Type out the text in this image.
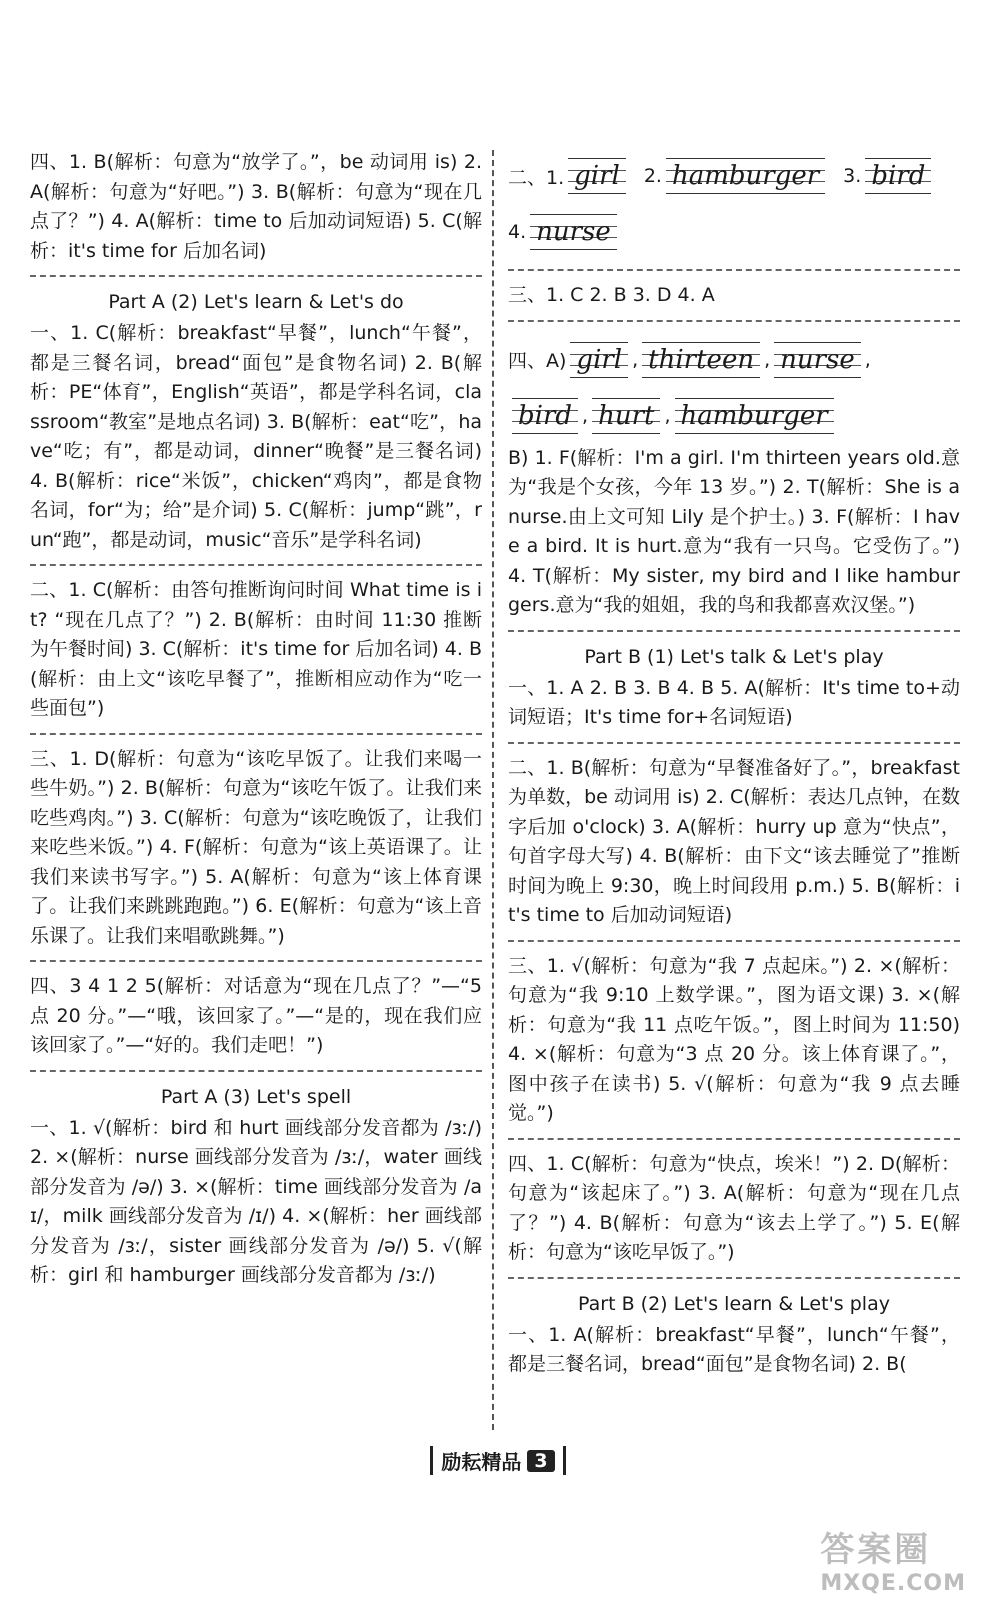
四、1. B(解析：句意为“放学了。”，be 动词用 is) 2. A(解析：句意为“好吧。”) 3. B(解析：句意为“现在几点了？”) 4. A(解析：time to 后加动词短语) 5. C(解析：it's time for 后加名词)

Part A (2) Let's learn & Let's do

一、1. C(解析：breakfast“早餐”，lunch“午餐”，都是三餐名词，bread“面包”是食物名词) 2. B(解析：PE“体育”，English“英语”，都是学科名词，classroom“教室”是地点名词) 3. B(解析：eat“吃”，have“吃；有”，都是动词，dinner“晚餐”是三餐名词) 4. B(解析：rice“米饭”，chicken“鸡肉”，都是食物名词，for“为；给”是介词) 5. C(解析：jump“跳”，run“跑”，都是动词，music“音乐”是学科名词)

二、1. C(解析：由答句推断询问时间 What time is it? “现在几点了？”) 2. B(解析：由时间 11:30 推断为午餐时间) 3. C(解析：it's time for 后加名词) 4. B(解析：由上文“该吃早餐了”，推断相应动作为“吃一些面包”)

三、1. D(解析：句意为“该吃早饭了。让我们来喝一些牛奶。”) 2. B(解析：句意为“该吃午饭了。让我们来吃些鸡肉。”) 3. C(解析：句意为“该吃晚饭了，让我们来吃些米饭。”) 4. F(解析：句意为“该上英语课了。让我们来读书写字。”) 5. A(解析：句意为“该上体育课了。让我们来跳跳跑跑。”) 6. E(解析：句意为“该上音乐课了。让我们来唱歌跳舞。”)

四、3 4 1 2 5(解析：对话意为“现在几点了？”—“5 点 20 分。”—“哦，该回家了。”—“是的，现在我们应该回家了。”—“好的。我们走吧！”)

Part A (3) Let's spell

一、1. √(解析：bird 和 hurt 画线部分发音都为 /ɜː/) 2. ×(解析：nurse 画线部分发音为 /ɜː/，water 画线部分发音为 /ə/) 3. ×(解析：time 画线部分发音为 /aɪ/，milk 画线部分发音为 /ɪ/) 4. ×(解析：her 画线部分发音为 /ɜː/，sister 画线部分发音为 /ə/) 5. √(解析：girl 和 hamburger 画线部分发音都为 /ɜː/)

二、1. girl	2. hamburger	3. bird
4. nurse

三、1. C 2. B 3. D 4. A

四、A) girl , thirteen , nurse ,
bird , hurt , hamburger

B) 1. F(解析：I'm a girl. I'm thirteen years old.意为“我是个女孩，今年 13 岁。”) 2. T(解析：She is a nurse.由上文可知 Lily 是个护士。) 3. F(解析：I have a bird. It is hurt.意为“我有一只鸟。它受伤了。”) 4. T(解析：My sister, my bird and I like hamburgers.意为“我的姐姐，我的鸟和我都喜欢汉堡。”)

Part B (1) Let's talk & Let's play

一、1. A 2. B 3. B 4. B 5. A(解析：It's time to+动词短语；It's time for+名词短语)

二、1. B(解析：句意为“早餐准备好了。”，breakfast 为单数，be 动词用 is) 2. C(解析：表达几点钟，在数字后加 o'clock) 3. A(解析：hurry up 意为“快点”，句首字母大写) 4. B(解析：由下文“该去睡觉了”推断时间为晚上 9:30，晚上时间段用 p.m.) 5. B(解析：it's time to 后加动词短语)

三、1. √(解析：句意为“我 7 点起床。”) 2. ×(解析：句意为“我 9:10 上数学课。”，图为语文课) 3. ×(解析：句意为“我 11 点吃午饭。”，图上时间为 11:50) 4. ×(解析：句意为“3 点 20 分。该上体育课了。”，图中孩子在读书) 5. √(解析：句意为“我 9 点去睡觉。”)

四、1. C(解析：句意为“快点，埃米！”) 2. D(解析：句意为“该起床了。”) 3. A(解析：句意为“现在几点了？”) 4. B(解析：句意为“该去上学了。”) 5. E(解析：句意为“该吃早饭了。”)

Part B (2) Let's learn & Let's play

一、1. A(解析：breakfast“早餐”，lunch“午餐”，都是三餐名词，bread“面包”是食物名词) 2. B(

励耘精品 3
答案圈
MXQE.COM
